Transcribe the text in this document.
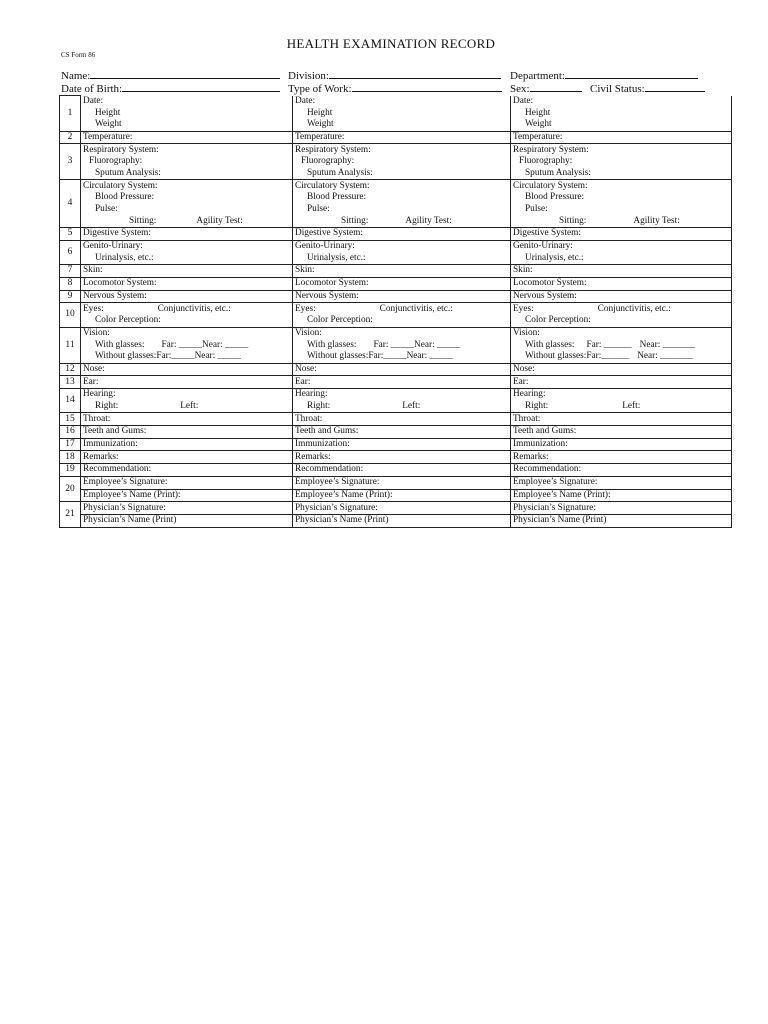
HEALTH EXAMINATION RECORD
CS Form 86
Name:	Division:	Department:
Date of Birth:	Type of Work:	Sex:	Civil Status:
1	Date:	Date:	Date:
	Height	Height	Height
	Weight	Weight	Weight
2	Temperature:	Temperature:	Temperature:
3	Respiratory System:	Respiratory System:	Respiratory System:
	Fluorography:	Fluorography:	Fluorography:
	Sputum Analysis:	Sputum Analysis:	Sputum Analysis:
4	Circulatory System:	Circulatory System:	Circulatory System:
	Blood Pressure:	Blood Pressure:	Blood Pressure:
	Pulse:	Pulse:	Pulse:
	Sitting: Agility Test:	Sitting: Agility Test:	Sitting: Agility Test:
5	Digestive System:	Digestive System:	Digestive System:
6	Genito-Urinary:	Genito-Urinary:	Genito-Urinary:
	Urinalysis, etc.:	Urinalysis, etc.:	Urinalysis, etc.:
7	Skin:	Skin:	Skin:
8	Locomotor System:	Locomotor System:	Locomotor System:
9	Nervous System:	Nervous System:	Nervous System:
10	Eyes: Conjunctivitis, etc.:	Eyes: Conjunctivitis, etc.:	Eyes: Conjunctivitis, etc.:
	Color Perception:	Color Perception:	Color Perception:
11	Vision:	Vision:	Vision:
	With glasses: Far: _____Near: _____	With glasses: Far: _____Near: _____	With glasses: Far: ______ Near: _______
	Without glasses:Far:_____Near: _____	Without glasses:Far:_____Near: _____	Without glasses:Far:______ Near: _______
12	Nose:	Nose:	Nose:
13	Ear:	Ear:	Ear:
14	Hearing:	Hearing:	Hearing:
	Right: Left:	Right: Left:	Right: Left:
15	Throat:	Throat:	Throat:
16	Teeth and Gums:	Teeth and Gums:	Teeth and Gums:
17	Immunization:	Immunization:	Immunization:
18	Remarks:	Remarks:	Remarks:
19	Recommendation:	Recommendation:	Recommendation:
20	Employee’s Signature:	Employee’s Signature:	Employee’s Signature:
	Employee’s Name (Print):	Employee’s Name (Print):	Employee’s Name (Print):
21	Physician’s Signature:	Physician’s Signature:	Physician’s Signature:
	Physician’s Name (Print)	Physician’s Name (Print)	Physician’s Name (Print)
